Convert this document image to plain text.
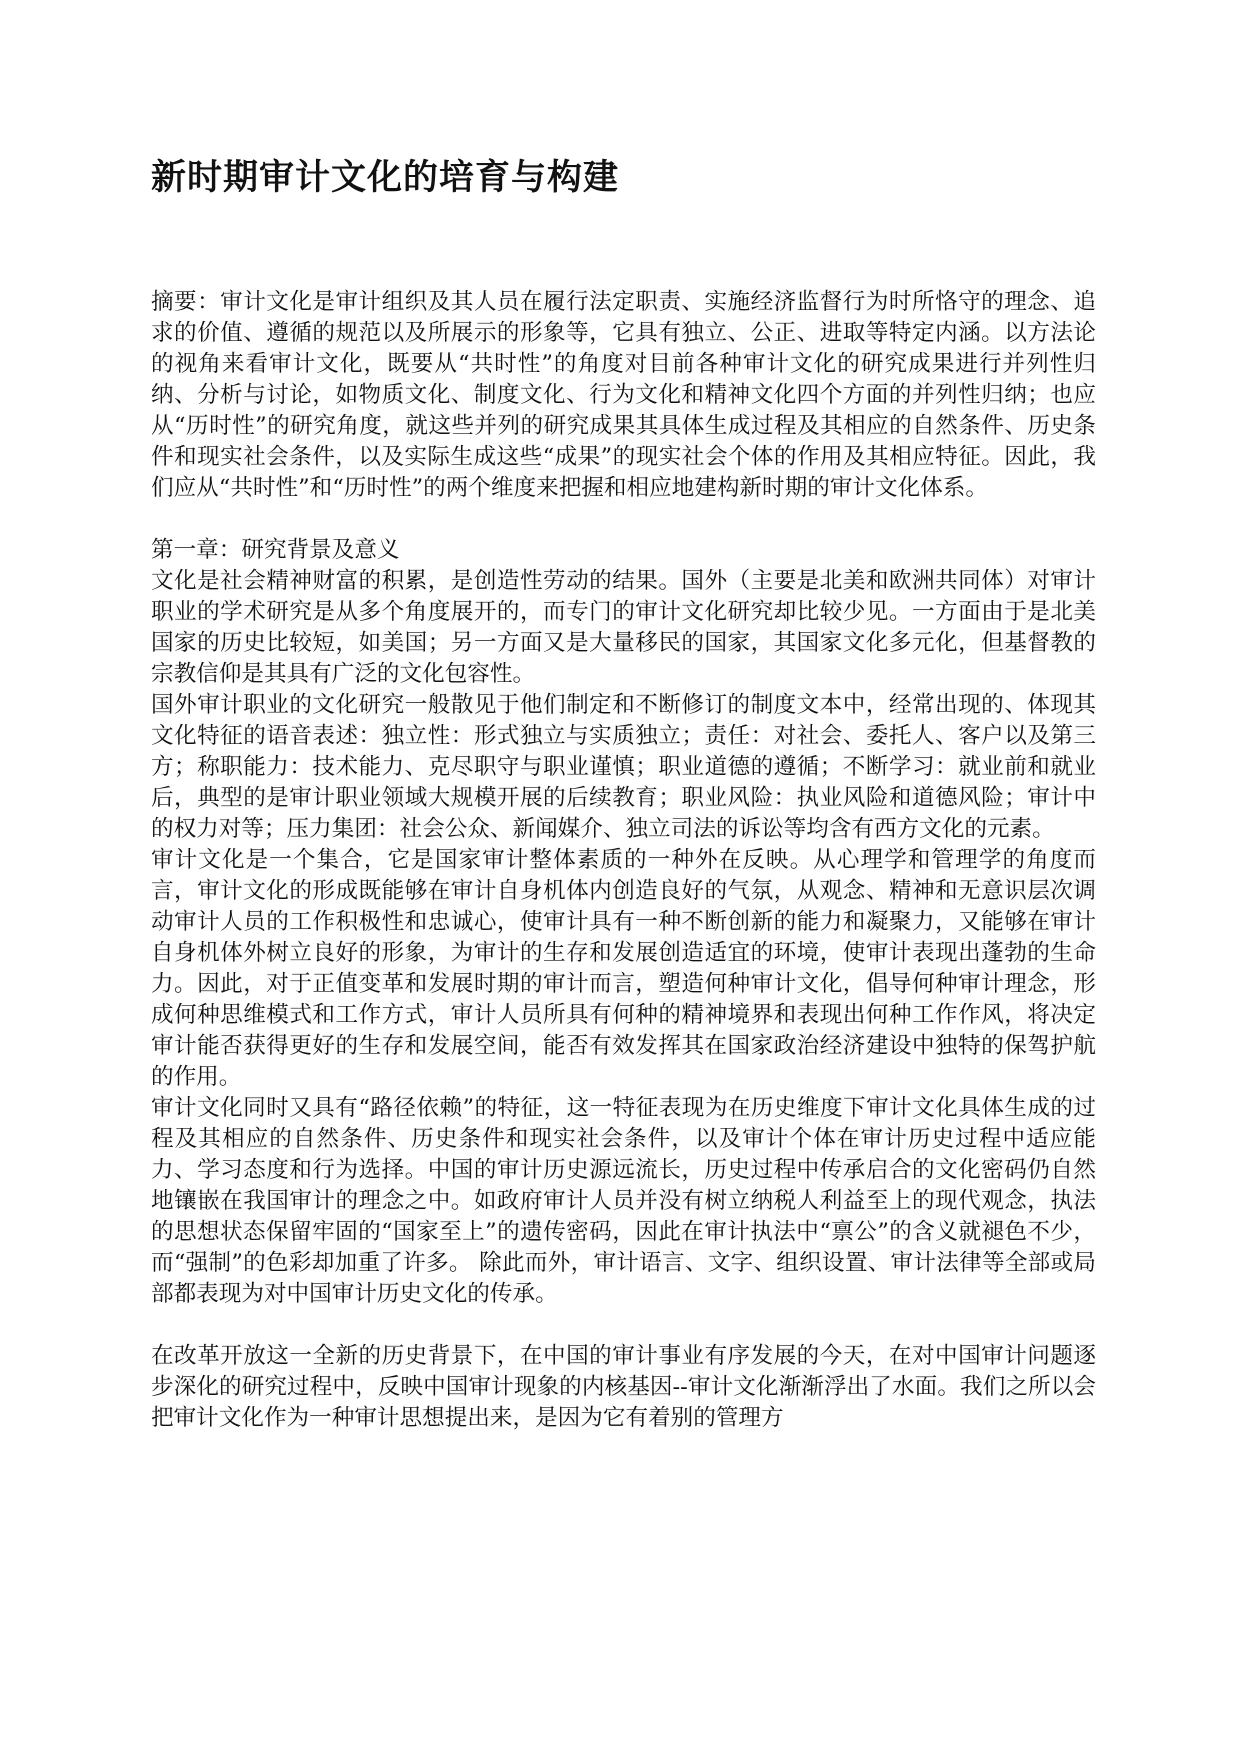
新时期审计文化的培育与构建

摘要：审计文化是审计组织及其人员在履行法定职责、实施经济监督行为时所恪守的理念、追求的价值、遵循的规范以及所展示的形象等，它具有独立、公正、进取等特定内涵。以方法论的视角来看审计文化，既要从“共时性”的角度对目前各种审计文化的研究成果进行并列性归纳、分析与讨论，如物质文化、制度文化、行为文化和精神文化四个方面的并列性归纳；也应从“历时性”的研究角度，就这些并列的研究成果其具体生成过程及其相应的自然条件、历史条件和现实社会条件，以及实际生成这些“成果”的现实社会个体的作用及其相应特征。因此，我们应从“共时性”和“历时性”的两个维度来把握和相应地建构新时期的审计文化体系。

第一章：研究背景及意义

文化是社会精神财富的积累，是创造性劳动的结果。国外（主要是北美和欧洲共同体）对审计职业的学术研究是从多个角度展开的，而专门的审计文化研究却比较少见。一方面由于是北美国家的历史比较短，如美国；另一方面又是大量移民的国家，其国家文化多元化，但基督教的宗教信仰是其具有广泛的文化包容性。

国外审计职业的文化研究一般散见于他们制定和不断修订的制度文本中，经常出现的、体现其文化特征的语音表述：独立性：形式独立与实质独立；责任：对社会、委托人、客户以及第三方；称职能力：技术能力、克尽职守与职业谨慎；职业道德的遵循；不断学习：就业前和就业后，典型的是审计职业领域大规模开展的后续教育；职业风险：执业风险和道德风险；审计中的权力对等；压力集团：社会公众、新闻媒介、独立司法的诉讼等均含有西方文化的元素。

审计文化是一个集合，它是国家审计整体素质的一种外在反映。从心理学和管理学的角度而言，审计文化的形成既能够在审计自身机体内创造良好的气氛，从观念、精神和无意识层次调动审计人员的工作积极性和忠诚心，使审计具有一种不断创新的能力和凝聚力，又能够在审计自身机体外树立良好的形象，为审计的生存和发展创造适宜的环境，使审计表现出蓬勃的生命力。因此，对于正值变革和发展时期的审计而言，塑造何种审计文化，倡导何种审计理念，形成何种思维模式和工作方式，审计人员所具有何种的精神境界和表现出何种工作作风，将决定审计能否获得更好的生存和发展空间，能否有效发挥其在国家政治经济建设中独特的保驾护航的作用。

审计文化同时又具有“路径依赖”的特征，这一特征表现为在历史维度下审计文化具体生成的过程及其相应的自然条件、历史条件和现实社会条件，以及审计个体在审计历史过程中适应能力、学习态度和行为选择。中国的审计历史源远流长，历史过程中传承启合的文化密码仍自然地镶嵌在我国审计的理念之中。如政府审计人员并没有树立纳税人利益至上的现代观念，执法的思想状态保留牢固的“国家至上”的遗传密码，因此在审计执法中“禀公”的含义就褪色不少，而“强制”的色彩却加重了许多。 除此而外，审计语言、文字、组织设置、审计法律等全部或局部都表现为对中国审计历史文化的传承。

在改革开放这一全新的历史背景下，在中国的审计事业有序发展的今天，在对中国审计问题逐步深化的研究过程中，反映中国审计现象的内核基因--审计文化渐渐浮出了水面。我们之所以会把审计文化作为一种审计思想提出来，是因为它有着别的管理方
